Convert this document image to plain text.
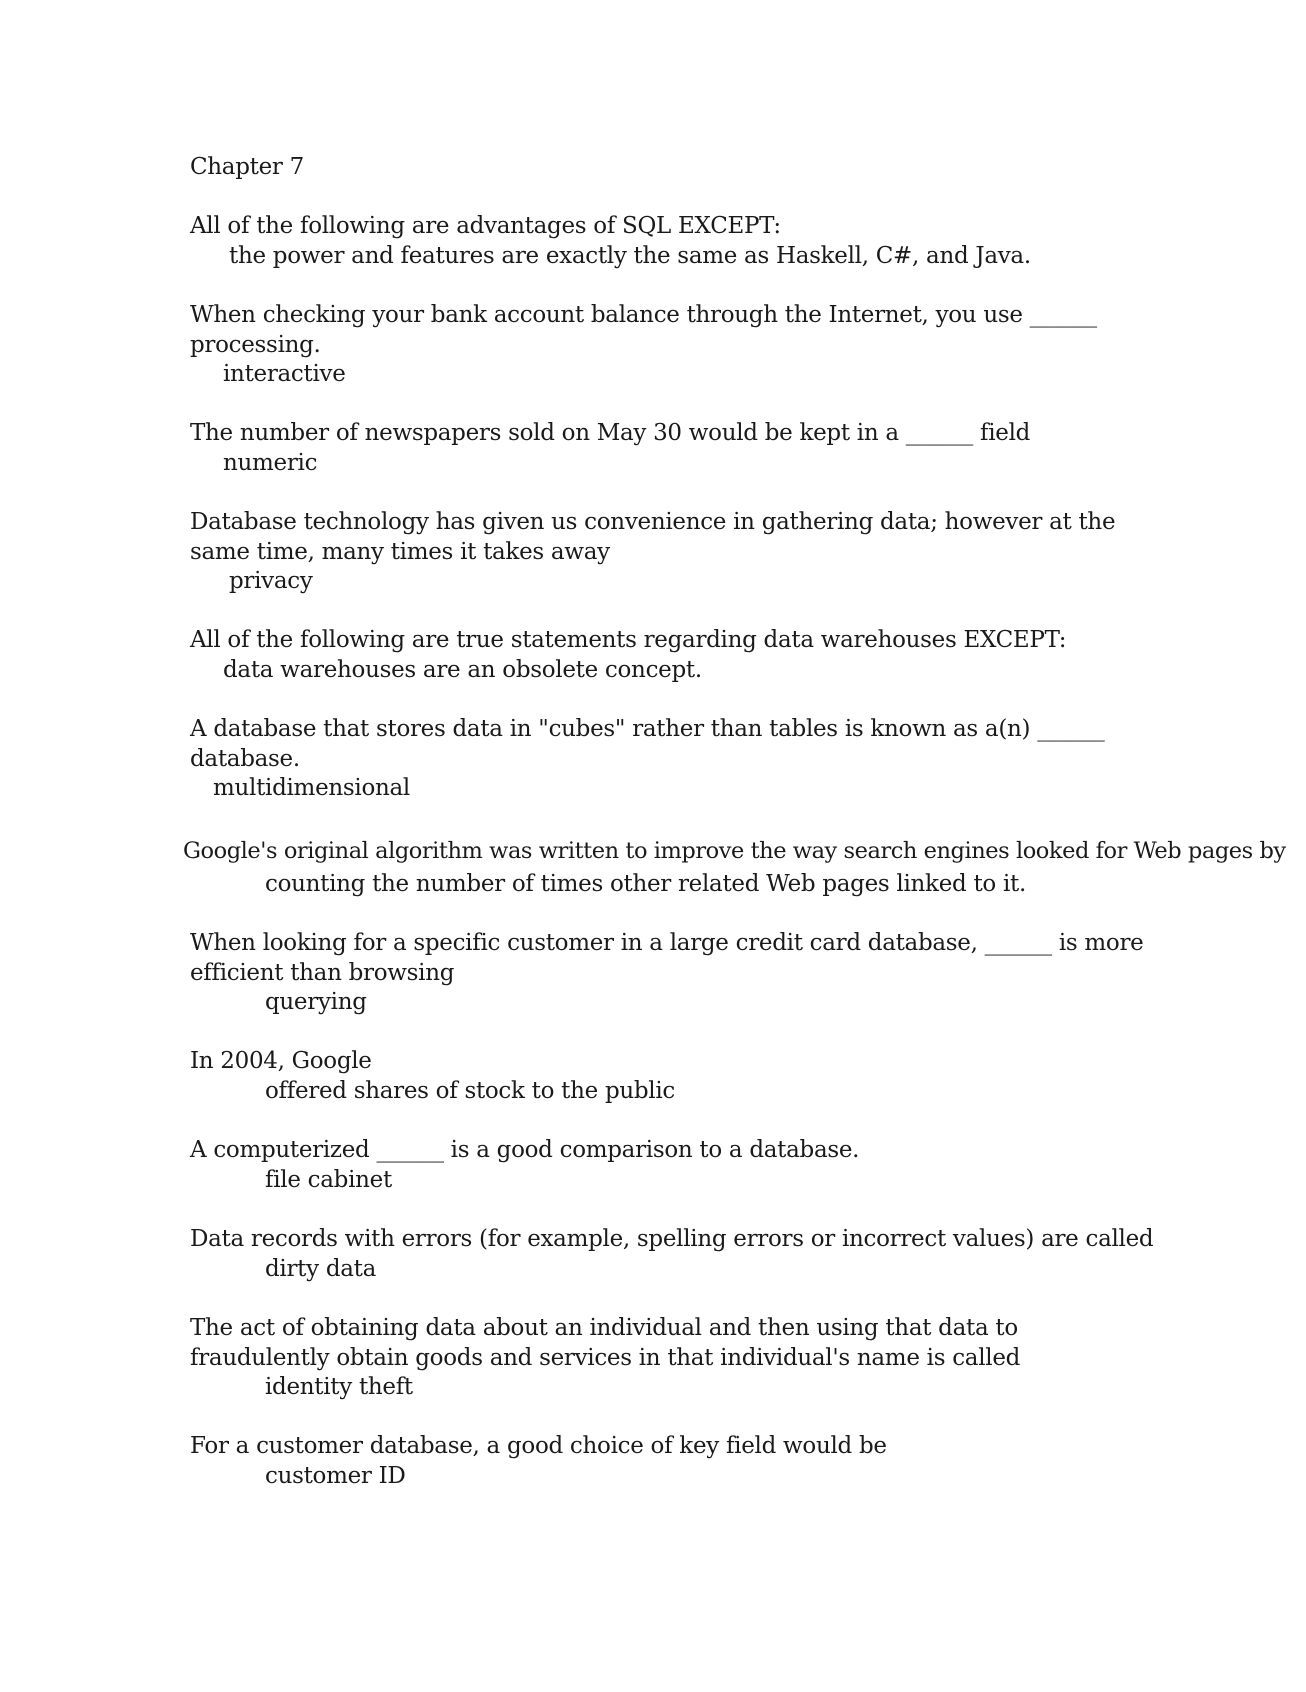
Chapter 7
All of the following are advantages of SQL EXCEPT:
the power and features are exactly the same as Haskell, C#, and Java.
When checking your bank account balance through the Internet, you use ______
processing.
interactive
The number of newspapers sold on May 30 would be kept in a ______ field
numeric
Database technology has given us convenience in gathering data; however at the
same time, many times it takes away
privacy
All of the following are true statements regarding data warehouses EXCEPT:
data warehouses are an obsolete concept.
A database that stores data in "cubes" rather than tables is known as a(n) ______
database.
multidimensional
Google's original algorithm was written to improve the way search engines looked for Web pages by
counting the number of times other related Web pages linked to it.
When looking for a specific customer in a large credit card database, ______ is more
efficient than browsing
querying
In 2004, Google
offered shares of stock to the public
A computerized ______ is a good comparison to a database.
file cabinet
Data records with errors (for example, spelling errors or incorrect values) are called
dirty data
The act of obtaining data about an individual and then using that data to
fraudulently obtain goods and services in that individual's name is called
identity theft
For a customer database, a good choice of key field would be
customer ID
